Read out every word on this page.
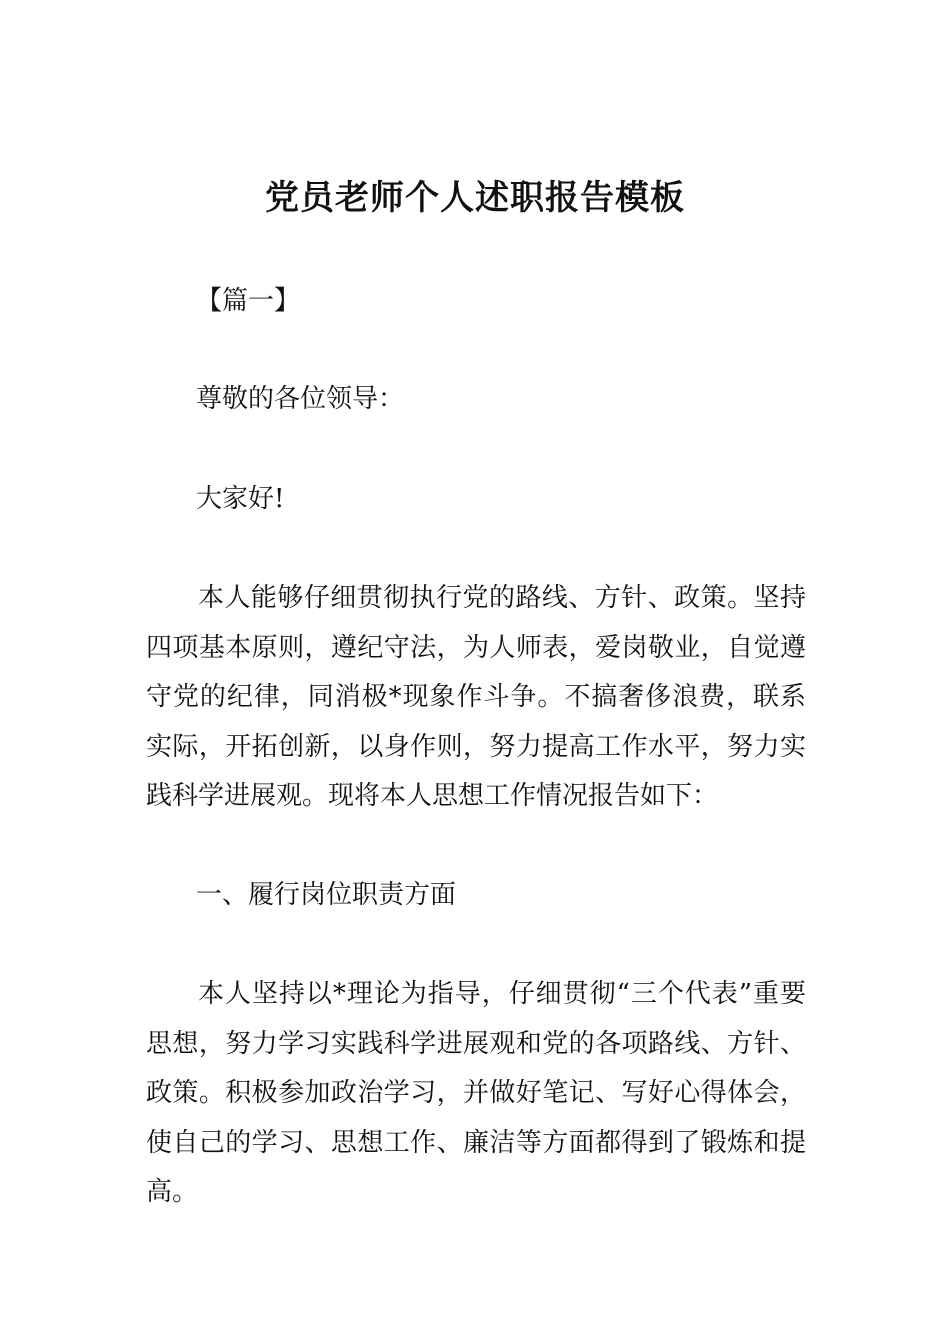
党员老师个人述职报告模板

【篇一】

尊敬的各位领导：

大家好!

本人能够仔细贯彻执行党的路线、方针、政策。坚持四项基本原则，遵纪守法，为人师表，爱岗敬业，自觉遵守党的纪律，同消极*现象作斗争。不搞奢侈浪费，联系实际，开拓创新，以身作则，努力提高工作水平，努力实践科学进展观。现将本人思想工作情况报告如下：

一、履行岗位职责方面

本人坚持以*理论为指导，仔细贯彻“三个代表”重要思想，努力学习实践科学进展观和党的各项路线、方针、政策。积极参加政治学习，并做好笔记、写好心得体会，使自己的学习、思想工作、廉洁等方面都得到了锻炼和提高。
